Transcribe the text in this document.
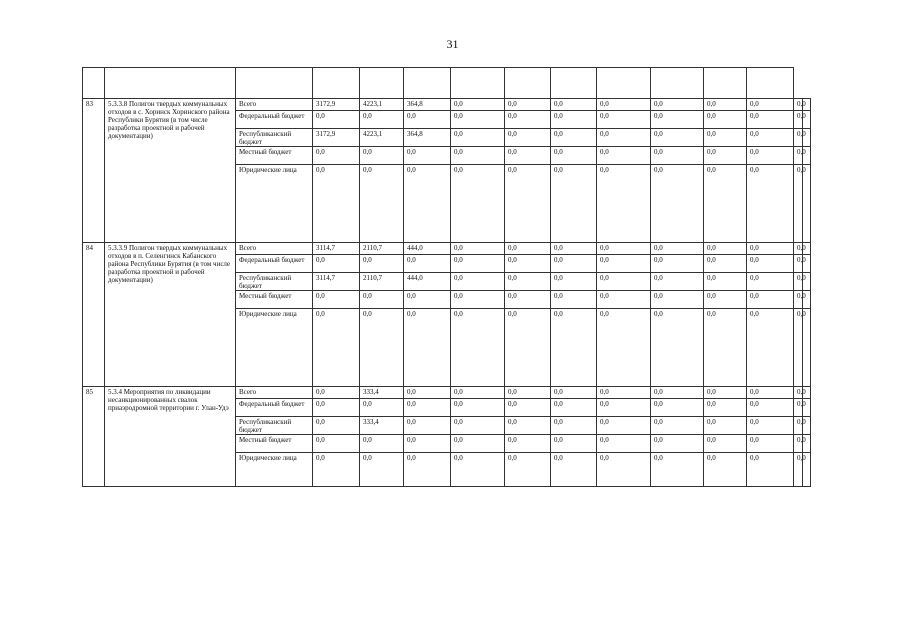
31

83	5.3.3.8 Полигон твердых коммунальных отходов в с. Хоринск Хоринского района Республики Бурятия (в том числе разработка проектной и рабочей документации)	Всего	3172,9	4223,1	364,8	0,0	0,0	0,0	0,0	0,0	0,0	0,0	0,0	
		Федеральный бюджет	0,0	0,0	0,0	0,0	0,0	0,0	0,0	0,0	0,0	0,0	0,0	
		Республиканский бюджет	3172,9	4223,1	364,8	0,0	0,0	0,0	0,0	0,0	0,0	0,0	0,0	
		Местный бюджет	0,0	0,0	0,0	0,0	0,0	0,0	0,0	0,0	0,0	0,0	0,0	
		Юридические лица	0,0	0,0	0,0	0,0	0,0	0,0	0,0	0,0	0,0	0,0	0,0	
84	5.3.3.9 Полигон твердых коммунальных отходов в п. Селенгинск Кабанского района Республики Бурятия (в том числе разработка проектной и рабочей документации)	Всего	3114,7	2110,7	444,0	0,0	0,0	0,0	0,0	0,0	0,0	0,0	0,0	
		Федеральный бюджет	0,0	0,0	0,0	0,0	0,0	0,0	0,0	0,0	0,0	0,0	0,0	
		Республиканский бюджет	3114,7	2110,7	444,0	0,0	0,0	0,0	0,0	0,0	0,0	0,0	0,0	
		Местный бюджет	0,0	0,0	0,0	0,0	0,0	0,0	0,0	0,0	0,0	0,0	0,0	
		Юридические лица	0,0	0,0	0,0	0,0	0,0	0,0	0,0	0,0	0,0	0,0	0,0	
85	5.3.4 Мероприятия по ликвидации несанкционированных свалок приаэродромной территории г. Улан-Удэ	Всего	0,0	333,4	0,0	0,0	0,0	0,0	0,0	0,0	0,0	0,0	0,0	
		Федеральный бюджет	0,0	0,0	0,0	0,0	0,0	0,0	0,0	0,0	0,0	0,0	0,0	
		Республиканский бюджет	0,0	333,4	0,0	0,0	0,0	0,0	0,0	0,0	0,0	0,0	0,0	
		Местный бюджет	0,0	0,0	0,0	0,0	0,0	0,0	0,0	0,0	0,0	0,0	0,0	
		Юридические лица	0,0	0,0	0,0	0,0	0,0	0,0	0,0	0,0	0,0	0,0	0,0	
